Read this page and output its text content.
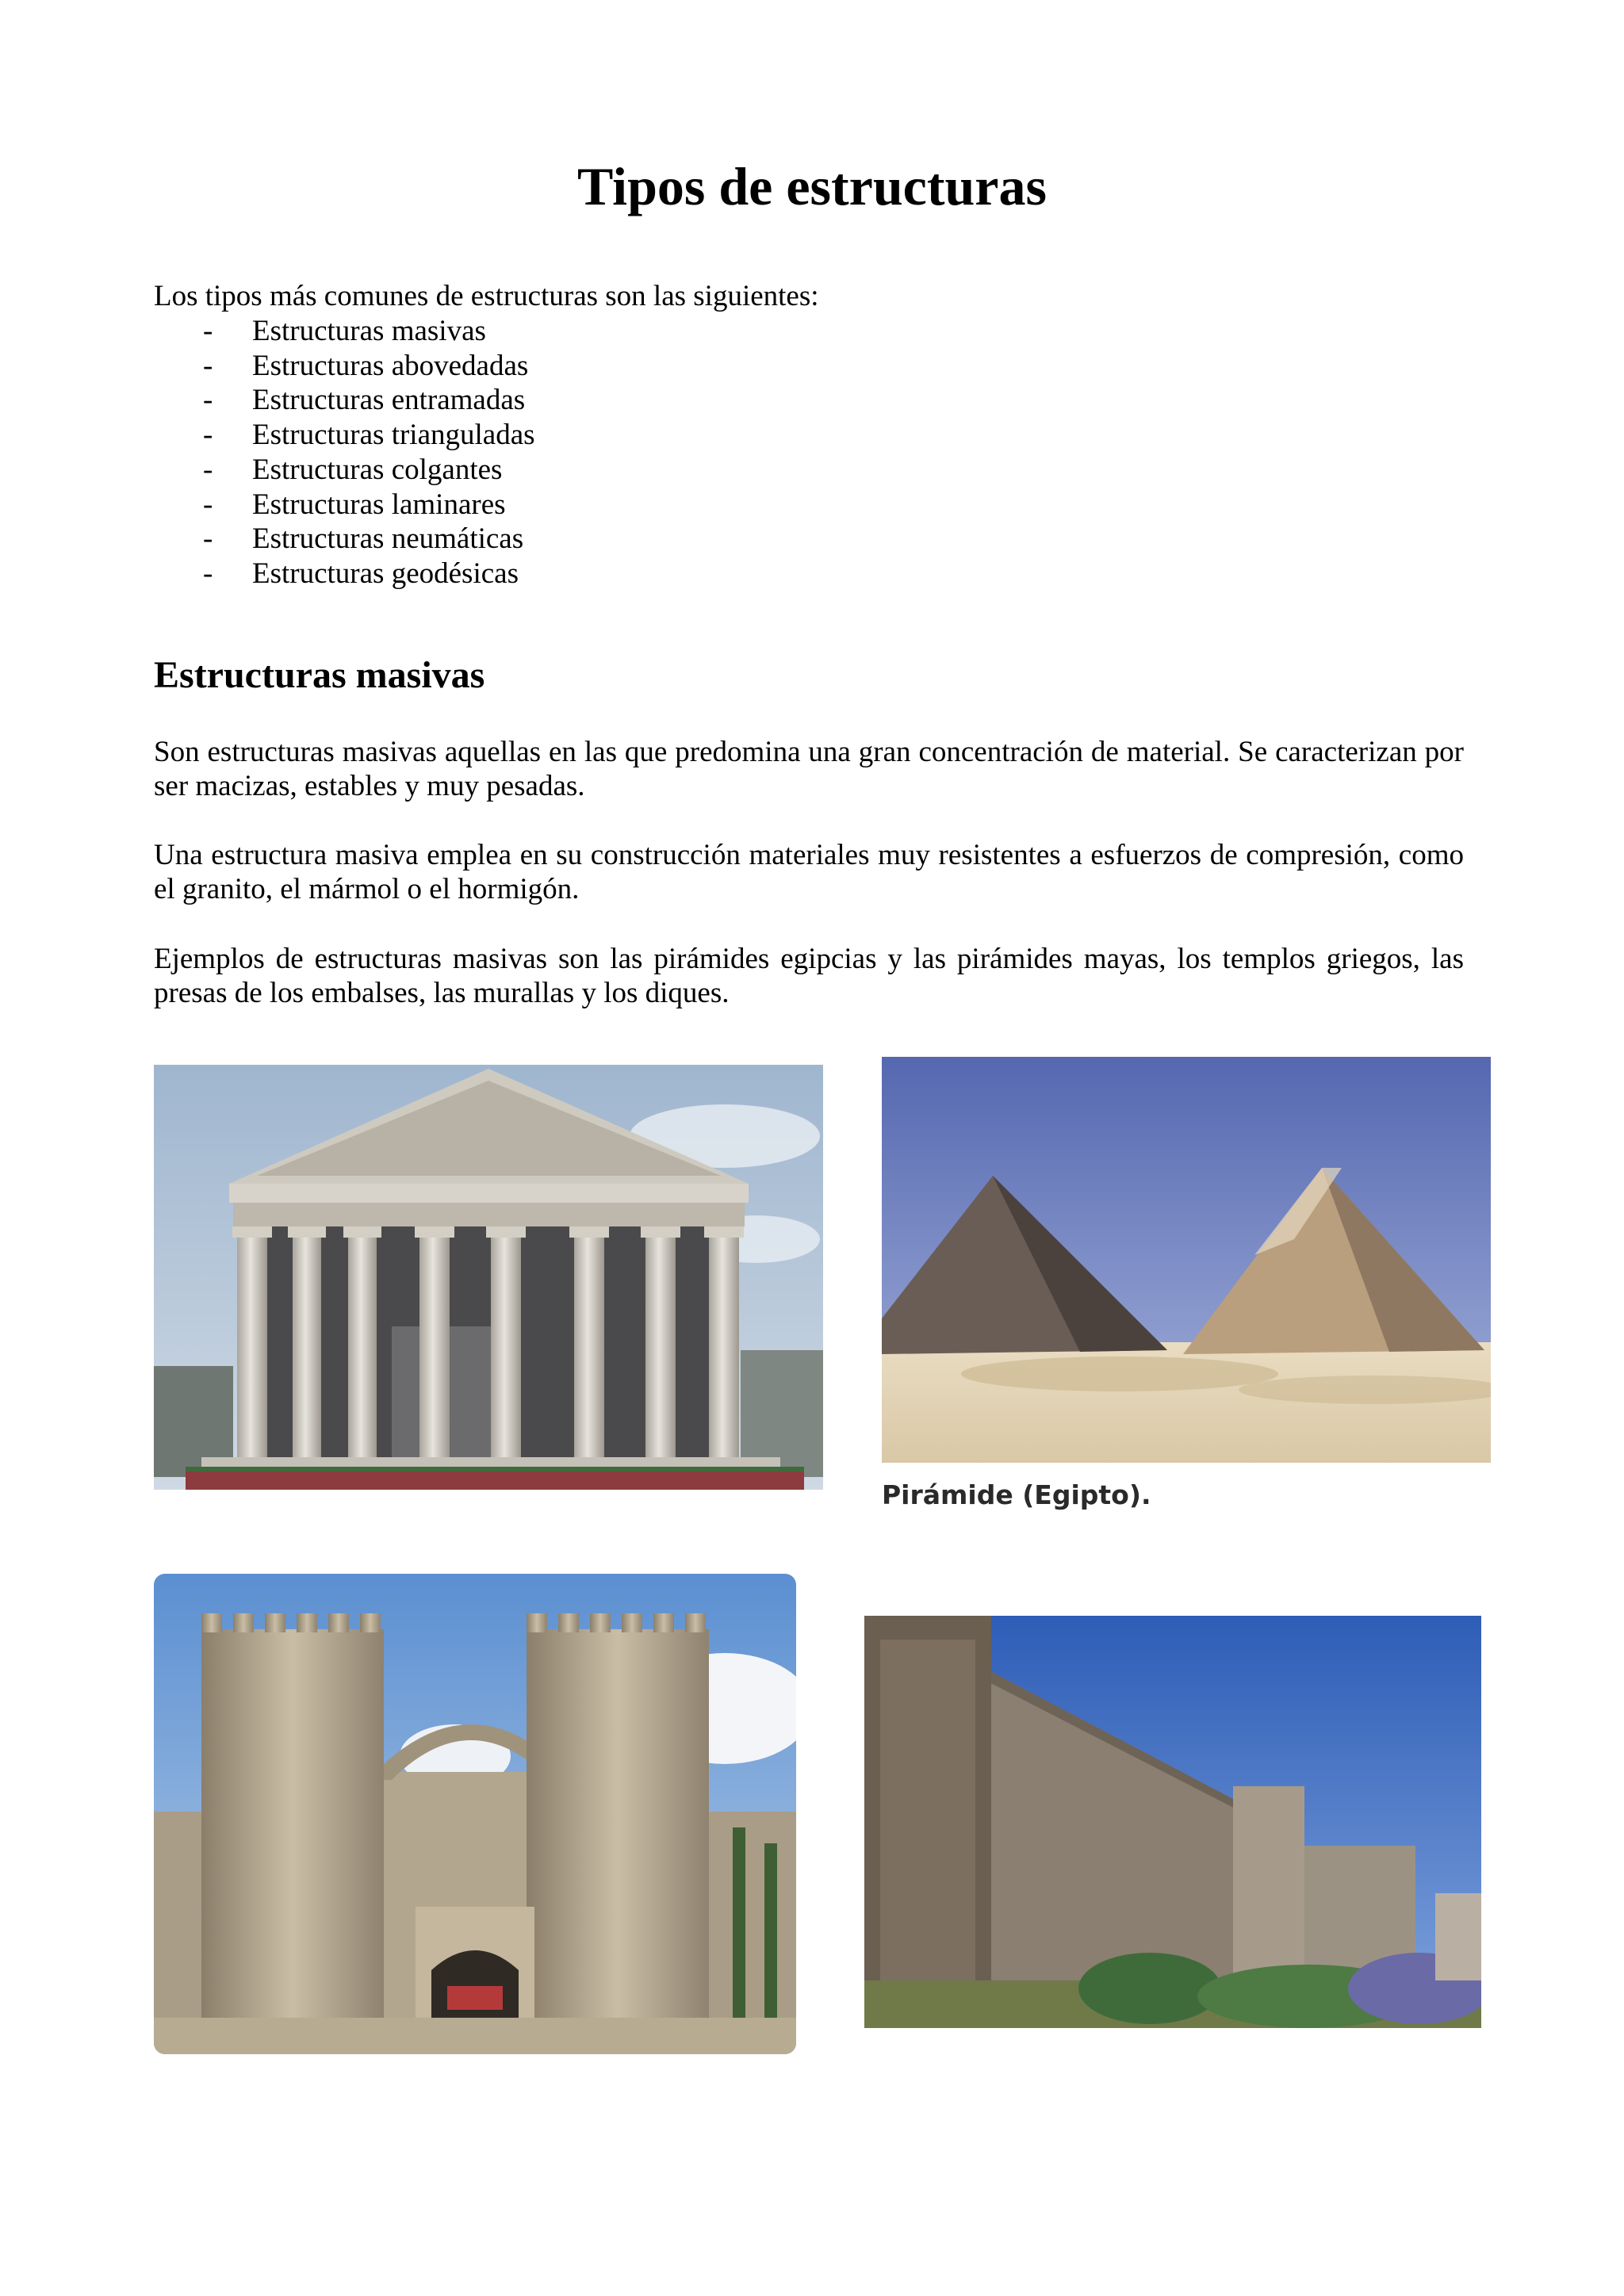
Tipos de estructuras

Los tipos más comunes de estructuras son las siguientes:

- Estructuras masivas
- Estructuras abovedadas
- Estructuras entramadas
- Estructuras trianguladas
- Estructuras colgantes
- Estructuras laminares
- Estructuras neumáticas
- Estructuras geodésicas
Estructuras masivas

Son estructuras masivas aquellas en las que predomina una gran concentración de material. Se caracterizan por ser macizas, estables y muy pesadas.

Una estructura masiva emplea en su construcción materiales muy resistentes a esfuerzos de compresión, como el granito, el mármol o el hormigón.

Ejemplos de estructuras masivas son las pirámides egipcias y las pirámides mayas, los templos griegos, las presas de los embalses, las murallas y los diques.

Pirámide (Egipto).
